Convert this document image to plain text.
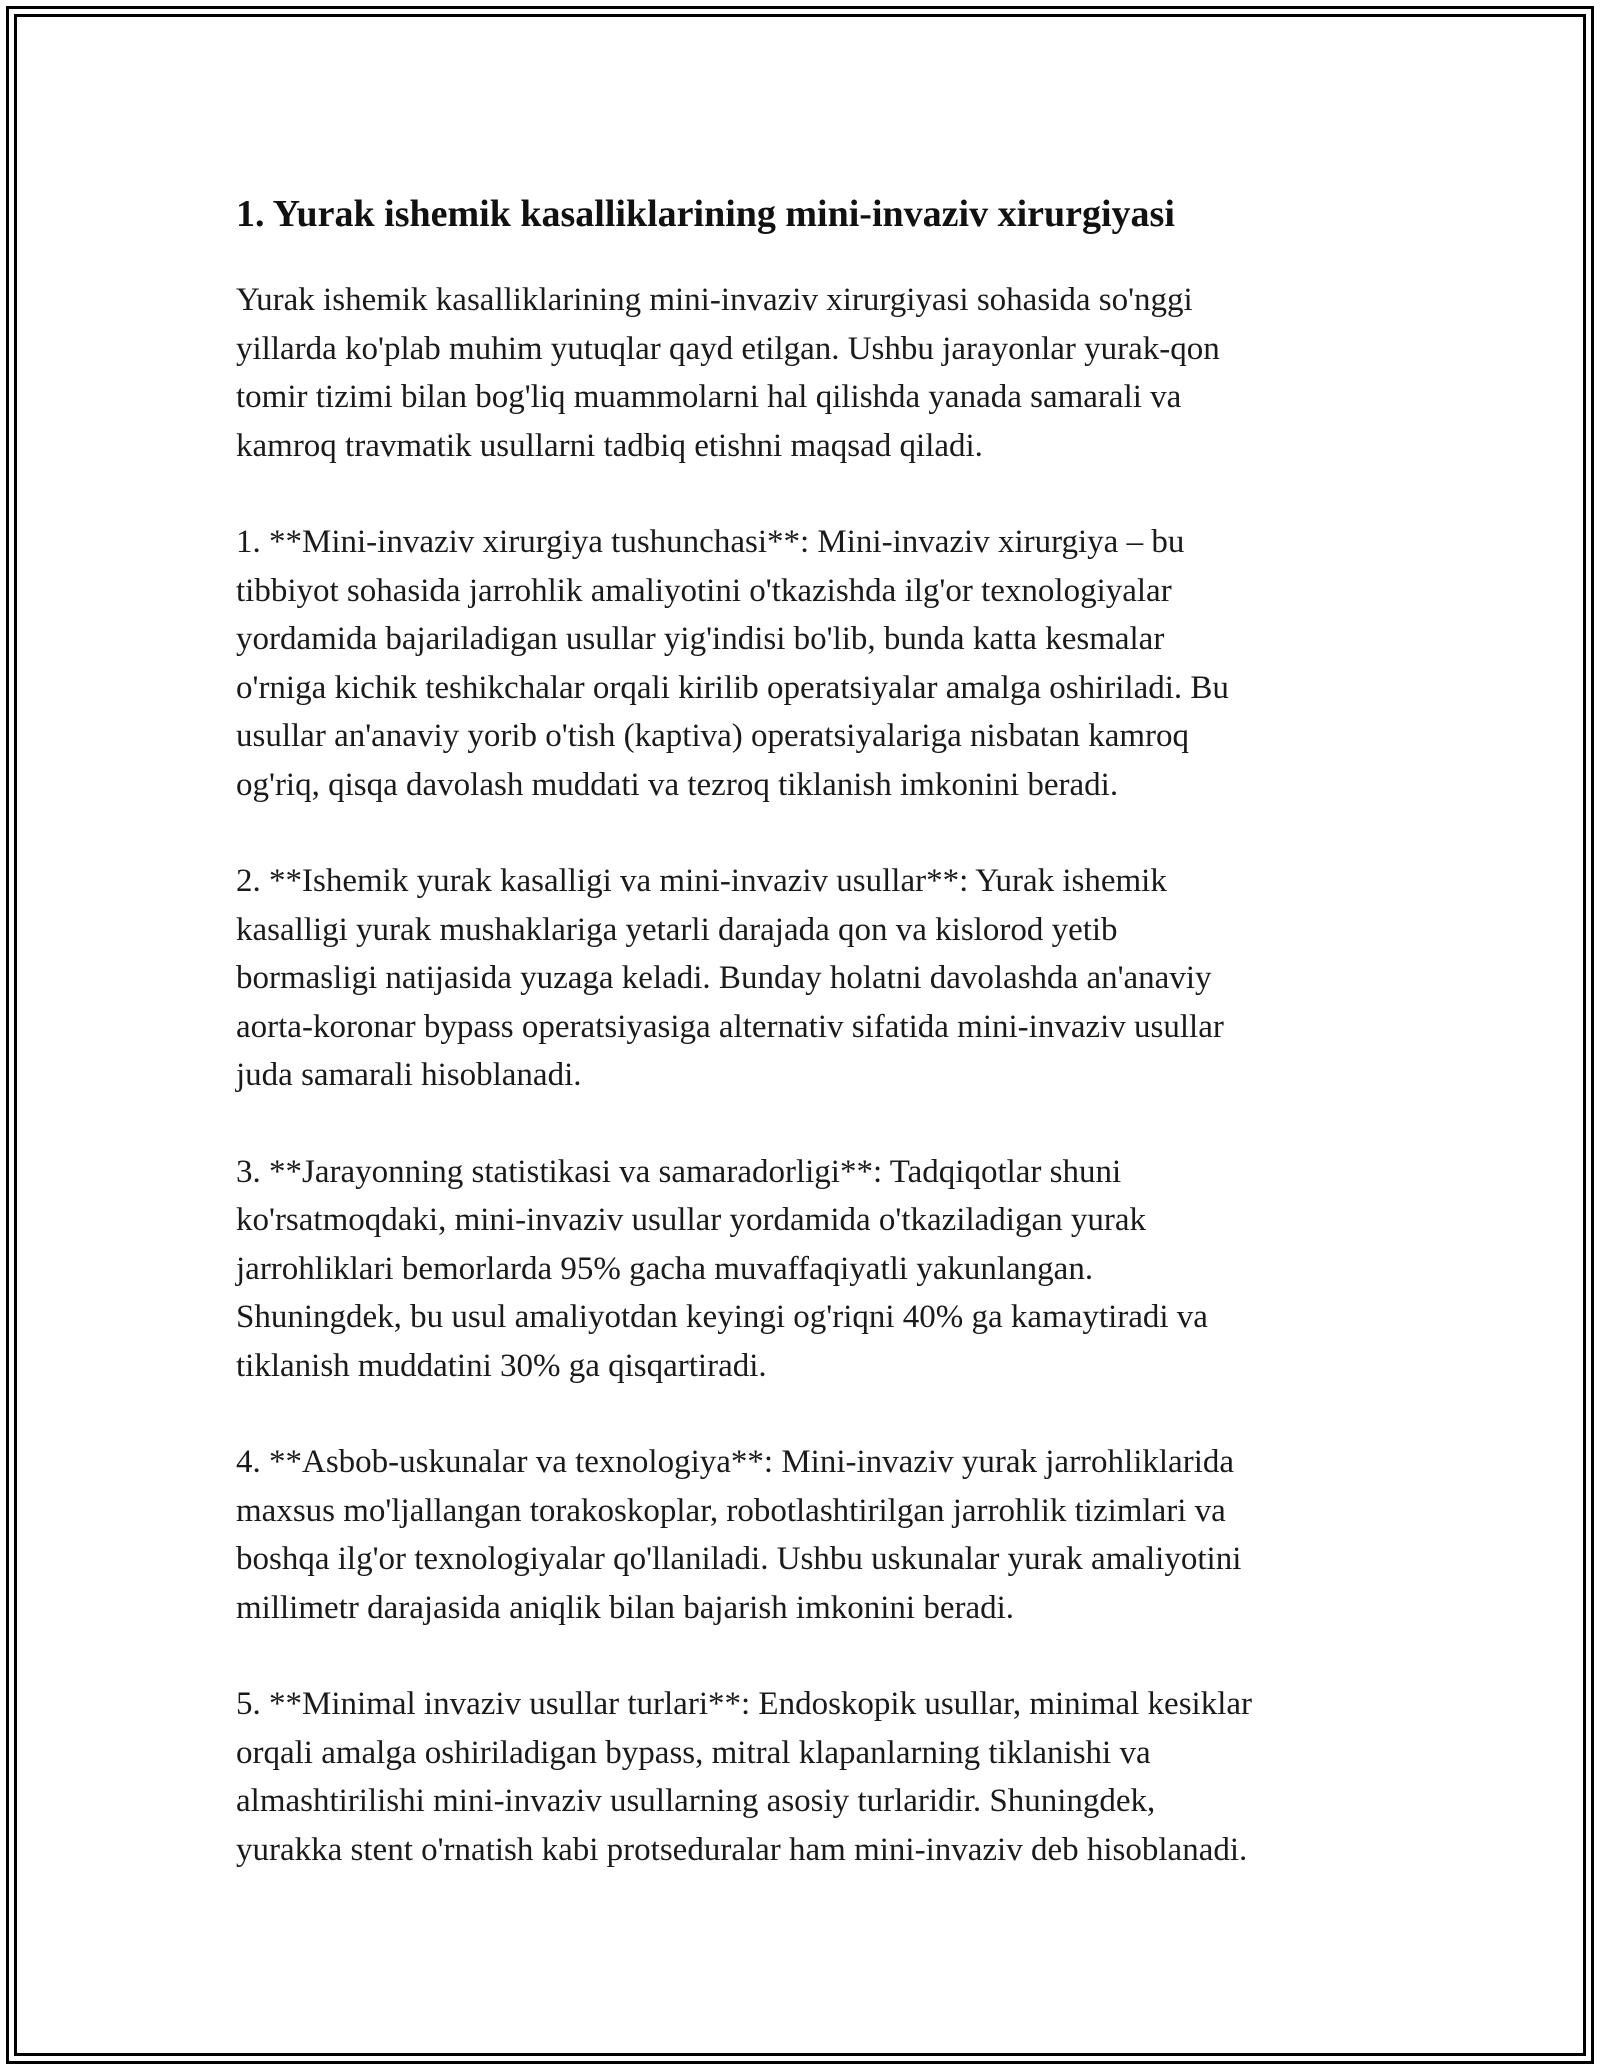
1. Yurak ishemik kasalliklarining mini-invaziv xirurgiyasi

Yurak ishemik kasalliklarining mini-invaziv xirurgiyasi sohasida so'nggi
yillarda ko'plab muhim yutuqlar qayd etilgan. Ushbu jarayonlar yurak-qon
tomir tizimi bilan bog'liq muammolarni hal qilishda yanada samarali va
kamroq travmatik usullarni tadbiq etishni maqsad qiladi.

1. **Mini-invaziv xirurgiya tushunchasi**: Mini-invaziv xirurgiya – bu
tibbiyot sohasida jarrohlik amaliyotini o'tkazishda ilg'or texnologiyalar
yordamida bajariladigan usullar yig'indisi bo'lib, bunda katta kesmalar
o'rniga kichik teshikchalar orqali kirilib operatsiyalar amalga oshiriladi. Bu
usullar an'anaviy yorib o'tish (kaptiva) operatsiyalariga nisbatan kamroq
og'riq, qisqa davolash muddati va tezroq tiklanish imkonini beradi.

2. **Ishemik yurak kasalligi va mini-invaziv usullar**: Yurak ishemik
kasalligi yurak mushaklariga yetarli darajada qon va kislorod yetib
bormasligi natijasida yuzaga keladi. Bunday holatni davolashda an'anaviy
aorta-koronar bypass operatsiyasiga alternativ sifatida mini-invaziv usullar
juda samarali hisoblanadi.

3. **Jarayonning statistikasi va samaradorligi**: Tadqiqotlar shuni
ko'rsatmoqdaki, mini-invaziv usullar yordamida o'tkaziladigan yurak
jarrohliklari bemorlarda 95% gacha muvaffaqiyatli yakunlangan.
Shuningdek, bu usul amaliyotdan keyingi og'riqni 40% ga kamaytiradi va
tiklanish muddatini 30% ga qisqartiradi.

4. **Asbob-uskunalar va texnologiya**: Mini-invaziv yurak jarrohliklarida
maxsus mo'ljallangan torakoskoplar, robotlashtirilgan jarrohlik tizimlari va
boshqa ilg'or texnologiyalar qo'llaniladi. Ushbu uskunalar yurak amaliyotini
millimetr darajasida aniqlik bilan bajarish imkonini beradi.

5. **Minimal invaziv usullar turlari**: Endoskopik usullar, minimal kesiklar
orqali amalga oshiriladigan bypass, mitral klapanlarning tiklanishi va
almashtirilishi mini-invaziv usullarning asosiy turlaridir. Shuningdek,
yurakka stent o'rnatish kabi protseduralar ham mini-invaziv deb hisoblanadi.
